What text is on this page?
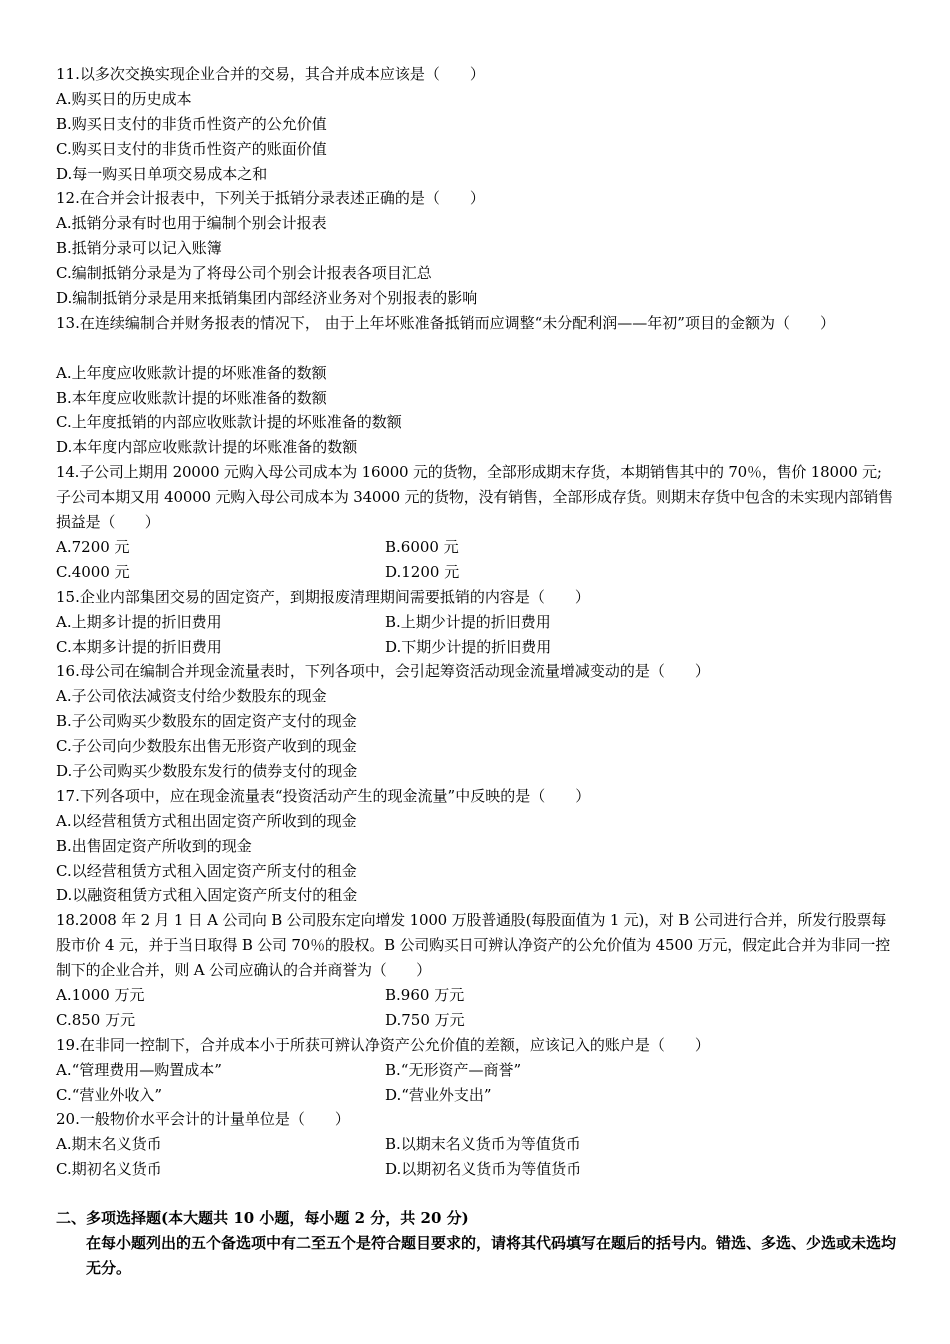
11.以多次交换实现企业合并的交易，其合并成本应该是（　　）
A.购买日的历史成本
B.购买日支付的非货币性资产的公允价值
C.购买日支付的非货币性资产的账面价值
D.每一购买日单项交易成本之和
12.在合并会计报表中，下列关于抵销分录表述正确的是（　　）
A.抵销分录有时也用于编制个别会计报表
B.抵销分录可以记入账簿
C.编制抵销分录是为了将母公司个别会计报表各项目汇总
D.编制抵销分录是用来抵销集团内部经济业务对个别报表的影响
13.在连续编制合并财务报表的情况下， 由于上年坏账准备抵销而应调整“未分配利润——年初”项目的金额为（　　）
A.上年度应收账款计提的坏账准备的数额
B.本年度应收账款计提的坏账准备的数额
C.上年度抵销的内部应收账款计提的坏账准备的数额
D.本年度内部应收账款计提的坏账准备的数额
14.子公司上期用 20000 元购入母公司成本为 16000 元的货物，全部形成期末存货，本期销售其中的 70％，售价 18000 元; 子公司本期又用 40000 元购入母公司成本为 34000 元的货物，没有销售，全部形成存货。则期末存货中包含的未实现内部销售损益是（　　）
A.7200 元	B.6000 元
C.4000 元	D.1200 元
15.企业内部集团交易的固定资产，到期报废清理期间需要抵销的内容是（　　）
A.上期多计提的折旧费用	B.上期少计提的折旧费用
C.本期多计提的折旧费用	D.下期少计提的折旧费用
16.母公司在编制合并现金流量表时，下列各项中，会引起筹资活动现金流量增减变动的是（　　）
A.子公司依法减资支付给少数股东的现金
B.子公司购买少数股东的固定资产支付的现金
C.子公司向少数股东出售无形资产收到的现金
D.子公司购买少数股东发行的债券支付的现金
17.下列各项中，应在现金流量表“投资活动产生的现金流量”中反映的是（　　）
A.以经营租赁方式租出固定资产所收到的现金
B.出售固定资产所收到的现金
C.以经营租赁方式租入固定资产所支付的租金
D.以融资租赁方式租入固定资产所支付的租金
18.2008 年 2 月 1 日 A 公司向 B 公司股东定向增发 1000 万股普通股(每股面值为 1 元)，对 B 公司进行合并，所发行股票每股市价 4 元，并于当日取得 B 公司 70％的股权。B 公司购买日可辨认净资产的公允价值为 4500 万元，假定此合并为非同一控制下的企业合并，则 A 公司应确认的合并商誉为（　　）
A.1000 万元	B.960 万元
C.850 万元	D.750 万元
19.在非同一控制下，合并成本小于所获可辨认净资产公允价值的差额，应该记入的账户是（　　）
A.“管理费用—购置成本”	B.“无形资产—商誉”
C.“营业外收入”	D.“营业外支出”
20.一般物价水平会计的计量单位是（　　）
A.期末名义货币	B.以期末名义货币为等值货币
C.期初名义货币	D.以期初名义货币为等值货币
二、多项选择题(本大题共 10 小题，每小题 2 分，共 20 分)
在每小题列出的五个备选项中有二至五个是符合题目要求的，请将其代码填写在题后的括号内。错选、多选、少选或未选均无分。
